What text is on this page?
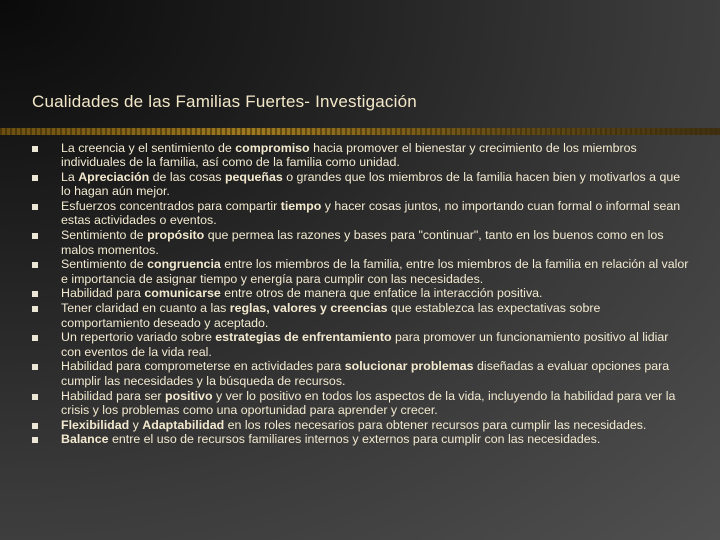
Cualidades de las Familias Fuertes- Investigación
La creencia y el sentimiento de compromiso hacia promover el bienestar y crecimiento de los miembros individuales de la familia, así como de la familia como unidad.
La Apreciación de las cosas pequeñas o grandes que los miembros de la familia hacen bien y motivarlos a que lo hagan aún mejor.
Esfuerzos concentrados para compartir tiempo y hacer cosas juntos, no importando cuan formal o informal sean estas actividades o eventos.
Sentimiento de propósito que permea las razones y bases para "continuar", tanto en los buenos como en los malos momentos.
Sentimiento de congruencia entre los miembros de la familia, entre los miembros de la familia en relación al valor e importancia de asignar tiempo y energía para cumplir con las necesidades.
Habilidad para comunicarse entre otros de manera que enfatice la interacción positiva.
Tener claridad en cuanto a las reglas, valores y creencias que establezca las expectativas sobre comportamiento deseado y aceptado.
Un repertorio variado sobre estrategias de enfrentamiento para promover un funcionamiento positivo al lidiar con eventos de la vida real.
Habilidad para comprometerse en actividades para solucionar problemas diseñadas a evaluar opciones para cumplir las necesidades y la búsqueda de recursos.
Habilidad para ser positivo y ver lo positivo en todos los aspectos de la vida, incluyendo la habilidad para ver la crisis y los problemas como una oportunidad para aprender y crecer.
Flexibilidad y Adaptabilidad en los roles necesarios para obtener recursos para cumplir las necesidades.
Balance entre el uso de recursos familiares internos y externos para cumplir con las necesidades.
